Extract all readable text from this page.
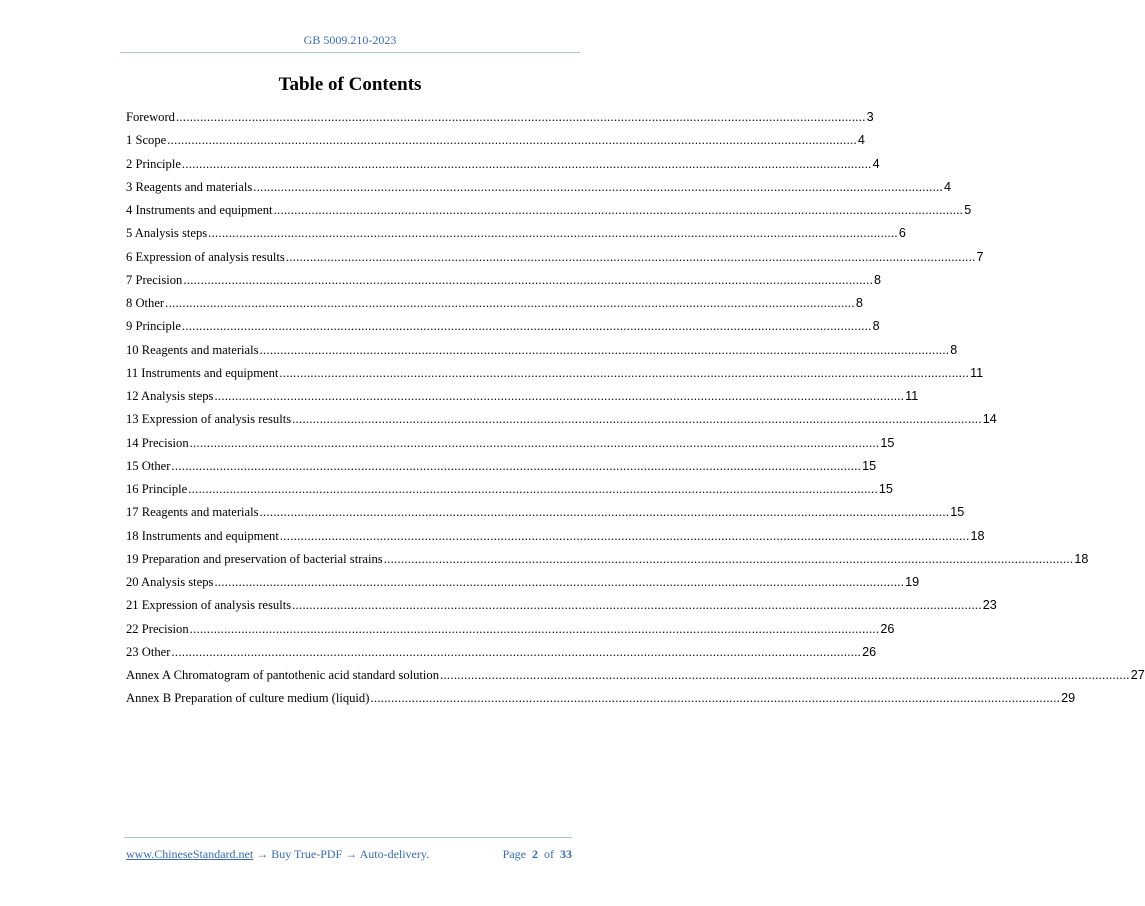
GB 5009.210-2023
Table of Contents
Foreword ........................................................................................................................................................................................................ 3
1 Scope ........................................................................................................................................................................................................ 4
2 Principle ........................................................................................................................................................................................................ 4
3 Reagents and materials ........................................................................................................................................................................................................ 4
4 Instruments and equipment ........................................................................................................................................................................................................ 5
5 Analysis steps ........................................................................................................................................................................................................ 6
6 Expression of analysis results ........................................................................................................................................................................................................ 7
7 Precision ........................................................................................................................................................................................................ 8
8 Other ........................................................................................................................................................................................................ 8
9 Principle ........................................................................................................................................................................................................ 8
10 Reagents and materials ........................................................................................................................................................................................................ 8
11 Instruments and equipment ........................................................................................................................................................................................................ 11
12 Analysis steps ........................................................................................................................................................................................................ 11
13 Expression of analysis results ........................................................................................................................................................................................................ 14
14 Precision ........................................................................................................................................................................................................ 15
15 Other ........................................................................................................................................................................................................ 15
16 Principle ........................................................................................................................................................................................................ 15
17 Reagents and materials ........................................................................................................................................................................................................ 15
18 Instruments and equipment ........................................................................................................................................................................................................ 18
19 Preparation and preservation of bacterial strains ........................................................................................................................................................................................................ 18
20 Analysis steps ........................................................................................................................................................................................................ 19
21 Expression of analysis results ........................................................................................................................................................................................................ 23
22 Precision ........................................................................................................................................................................................................ 26
23 Other ........................................................................................................................................................................................................ 26
Annex A Chromatogram of pantothenic acid standard solution ........................................................................................................................................................................................................ 27
Annex B Preparation of culture medium (liquid) ........................................................................................................................................................................................................ 29
www.ChineseStandard.net → Buy True-PDF → Auto-delivery.	Page 2 of 33
